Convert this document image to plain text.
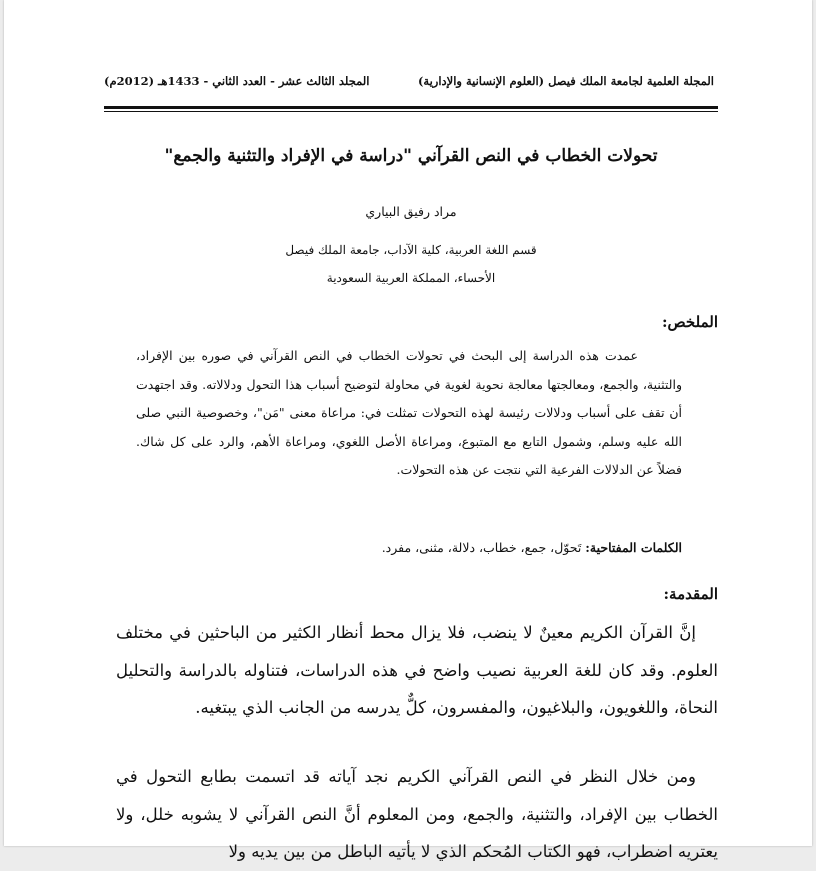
المجلة العلمية لجامعة الملك فيصل (العلوم الإنسانية والإدارية)
المجلد الثالث عشر - العدد الثاني - 1433هـ (2012م)
تحولات الخطاب في النص القرآني "دراسة في الإفراد والتثنية والجمع"
مراد رفيق البياري
قسم اللغة العربية، كلية الآداب، جامعة الملك فيصل
الأحساء، المملكة العربية السعودية
الملخص:
عمدت هذه الدراسة إلى البحث في تحولات الخطاب في النص القرآني في صوره بين الإفراد، والتثنية، والجمع، ومعالجتها معالجة نحوية لغوية في محاولة لتوضيح أسباب هذا التحول ودلالاته. وقد اجتهدت أن تقف على أسباب ودلالات رئيسة لهذه التحولات تمثلت في: مراعاة معنى "مَن"، وخصوصية النبي صلى الله عليه وسلم، وشمول التابع مع المتبوع، ومراعاة الأصل اللغوي، ومراعاة الأهم، والرد على كل شاك. فضلاً عن الدلالات الفرعية التي نتجت عن هذه التحولات.
الكلمات المفتاحية: تَحوّل، جمع، خطاب، دلالة، مثنى، مفرد.
المقدمة:
إنَّ القرآن الكريم معينٌ لا ينضب، فلا يزال محط أنظار الكثير من الباحثين في مختلف العلوم. وقد كان للغة العربية نصيب واضح في هذه الدراسات، فتناوله بالدراسة والتحليل النحاة، واللغويون، والبلاغيون، والمفسرون، كلٌّ يدرسه من الجانب الذي يبتغيه.
ومن خلال النظر في النص القرآني الكريم نجد آياته قد اتسمت بطابع التحول في الخطاب بين الإفراد، والتثنية، والجمع، ومن المعلوم أنَّ النص القرآني لا يشوبه خلل، ولا يعتريه اضطراب، فهو الكتاب المُحكم الذي لا يأتيه الباطل من بين يديه ولا
